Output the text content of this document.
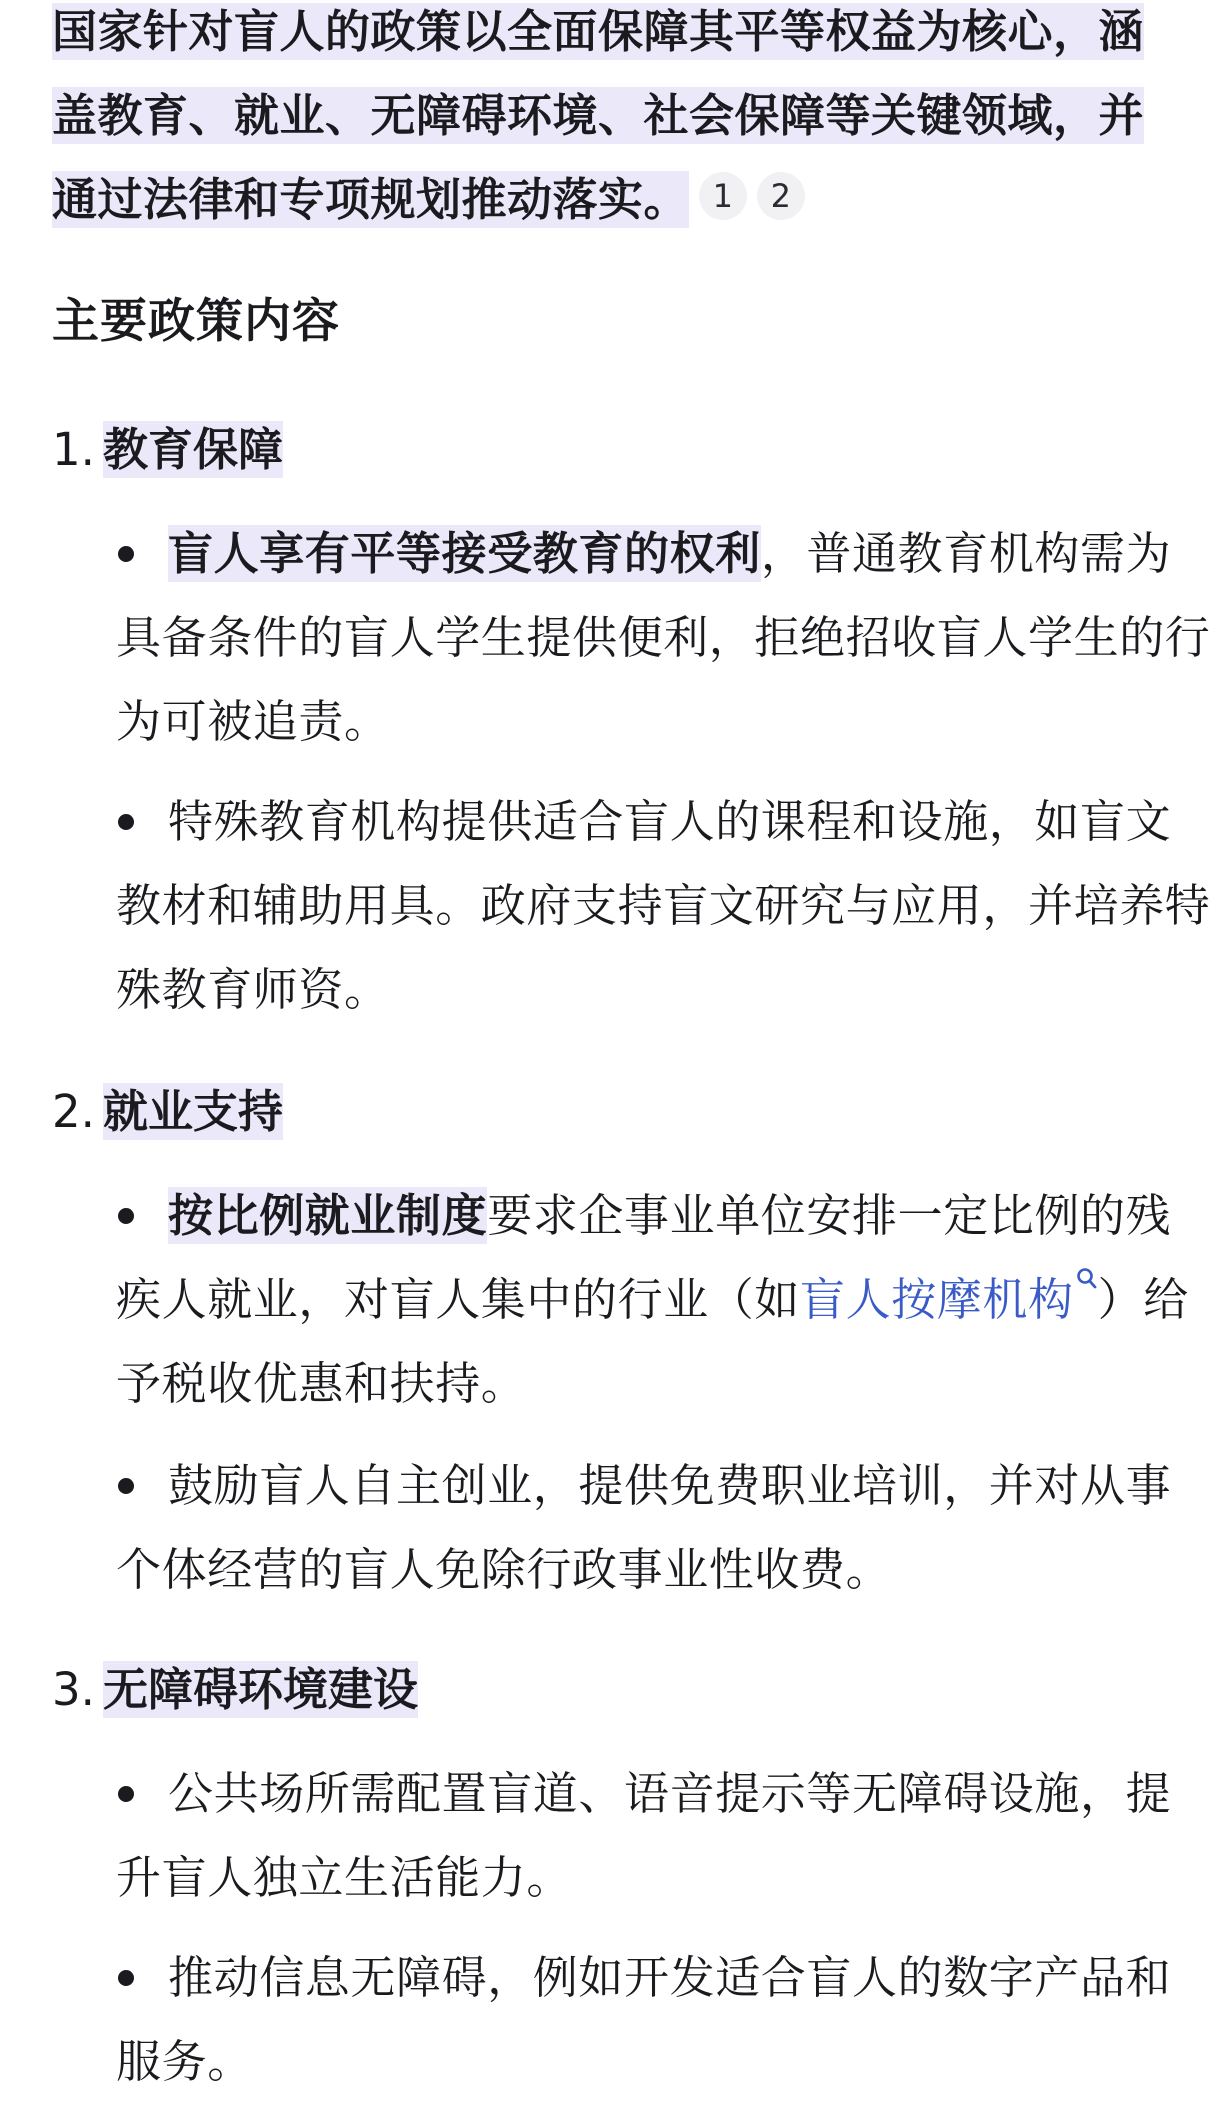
国家针对盲人的政策以全面保障其平等权益为核心，涵盖教育、就业、无障碍环境、社会保障等关键领域，并通过法律和专项规划推动落实。 1 2

主要政策内容
1. 教育保障

盲人享有平等接受教育的权利，普通教育机构需为具备条件的盲人学生提供便利，拒绝招收盲人学生的行为可被追责。

特殊教育机构提供适合盲人的课程和设施，如盲文教材和辅助用具。政府支持盲文研究与应用，并培养特殊教育师资。

2. 就业支持

按比例就业制度要求企事业单位安排一定比例的残疾人就业，对盲人集中的行业（如盲人按摩机构 ）给予税收优惠和扶持。

鼓励盲人自主创业，提供免费职业培训，并对从事个体经营的盲人免除行政事业性收费。

3. 无障碍环境建设

公共场所需配置盲道、语音提示等无障碍设施，提升盲人独立生活能力。

推动信息无障碍，例如开发适合盲人的数字产品和服务。
